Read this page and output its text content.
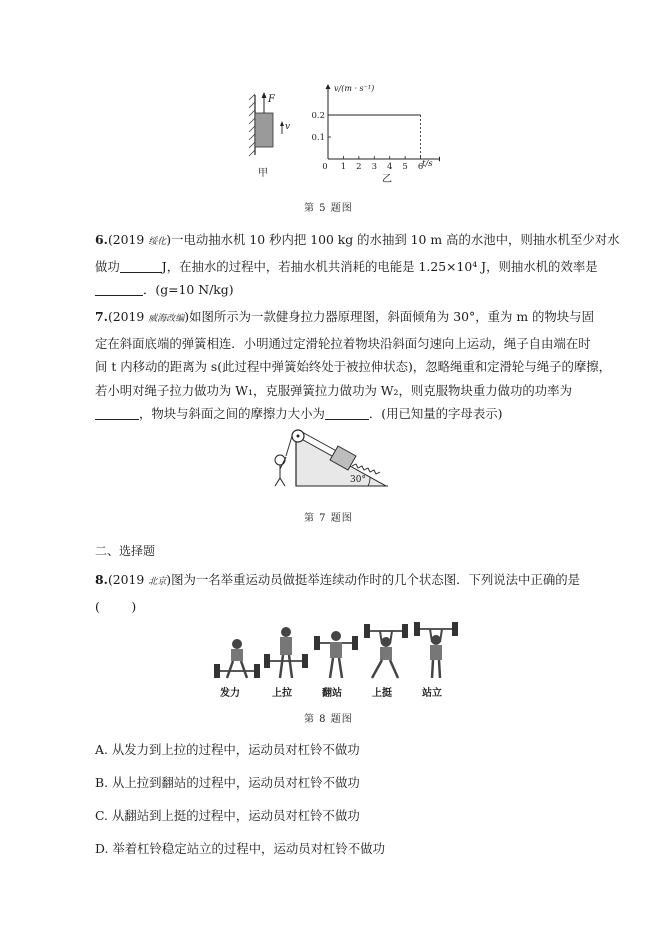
F
v
甲
0.2
0.1
0 1 2 3 4 5 6
v/(m · s⁻¹)
t/s
乙
第 5 题图
6.(2019 绥化)一电动抽水机 10 秒内把 100 kg 的水抽到 10 m 高的水池中，则抽水机至少对水
做功	J，在抽水的过程中，若抽水机共消耗的电能是 1.25×10⁴ J，则抽水机的效率是
．(g=10 N/kg)
7.(2019 威海改编)如图所示为一款健身拉力器原理图，斜面倾角为 30°，重为 m 的物块与固
定在斜面底端的弹簧相连．小明通过定滑轮拉着物块沿斜面匀速向上运动，绳子自由端在时
间 t 内移动的距离为 s(此过程中弹簧始终处于被拉伸状态)，忽略绳重和定滑轮与绳子的摩擦，
若小明对绳子拉力做功为 W₁，克服弹簧拉力做功为 W₂，则克服物块重力做功的功率为
，物块与斜面之间的摩擦力大小为	．(用已知量的字母表示)
30°
第 7 题图
二、选择题
8.(2019 北京)图为一名举重运动员做挺举连续动作时的几个状态图．下列说法中正确的是
(        )
发力	上拉	翻站	上挺	站立
第 8 题图
A. 从发力到上拉的过程中，运动员对杠铃不做功
B. 从上拉到翻站的过程中，运动员对杠铃不做功
C. 从翻站到上挺的过程中，运动员对杠铃不做功
D. 举着杠铃稳定站立的过程中，运动员对杠铃不做功
